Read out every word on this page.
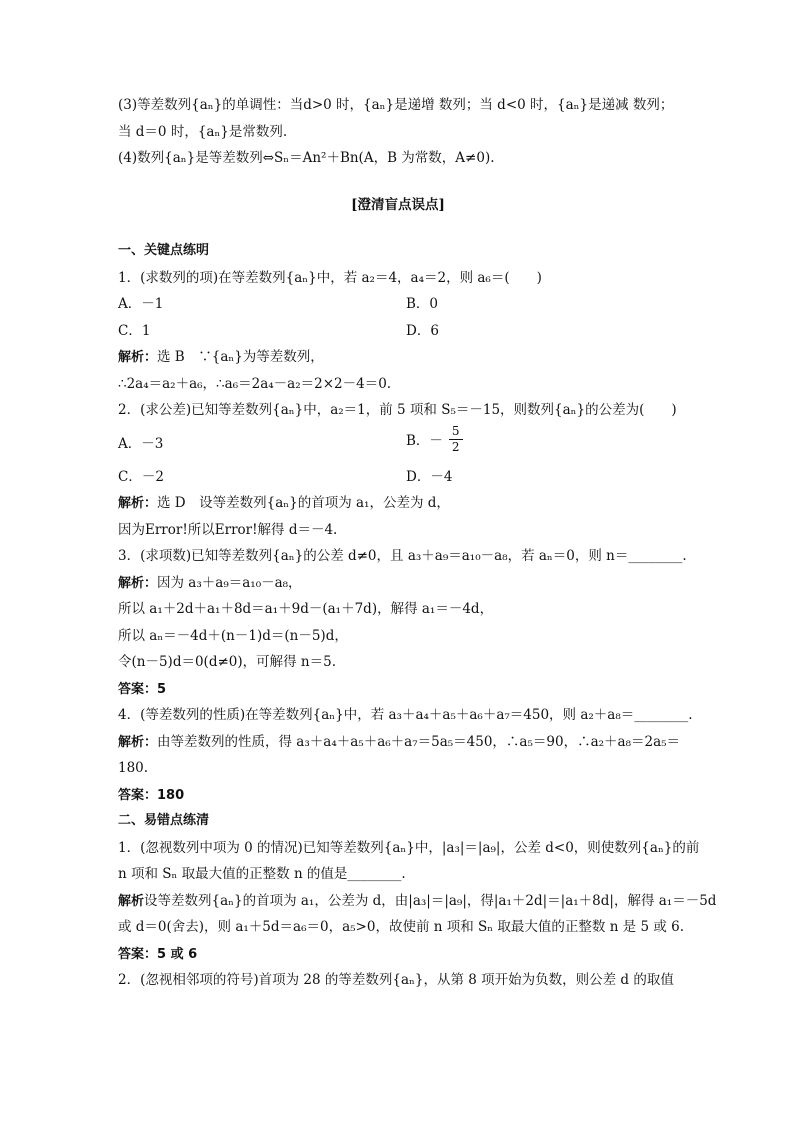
(3)等差数列{aₙ}的单调性：当d>0 时，{aₙ}是递增 数列；当 d<0 时，{aₙ}是递减 数列；
当 d＝0 时，{aₙ}是常数列.
(4)数列{aₙ}是等差数列⇔Sₙ＝An²＋Bn(A，B 为常数，A≠0).
[澄清盲点误点]
一、关键点练明
1．(求数列的项)在等差数列{aₙ}中，若 a₂＝4，a₄＝2，则 a₆＝(　　)
A．－1	B．0
C．1	D．6
解析：选 B　∵{aₙ}为等差数列，
∴2a₄＝a₂＋a₆，∴a₆＝2a₄－a₂＝2×2－4＝0.
2．(求公差)已知等差数列{aₙ}中，a₂＝1，前 5 项和 S₅＝－15，则数列{aₙ}的公差为(　　)
A．－3	B．－ $\frac{5}{2}$
C．－2	D．－4
解析：选 D　设等差数列{aₙ}的首项为 a₁，公差为 d，
因为Error!所以Error!解得 d＝－4.
3．(求项数)已知等差数列{aₙ}的公差 d≠0，且 a₃＋a₉＝a₁₀－a₈，若 aₙ＝0，则 n＝________.
解析：因为 a₃＋a₉＝a₁₀－a₈，
所以 a₁＋2d＋a₁＋8d＝a₁＋9d－(a₁＋7d)，解得 a₁＝－4d，
所以 aₙ＝－4d＋(n－1)d＝(n－5)d，
令(n－5)d＝0(d≠0)，可解得 n＝5.
答案：5
4．(等差数列的性质)在等差数列{aₙ}中，若 a₃＋a₄＋a₅＋a₆＋a₇＝450，则 a₂＋a₈＝________.
解析：由等差数列的性质，得 a₃＋a₄＋a₅＋a₆＋a₇＝5a₅＝450，∴a₅＝90，∴a₂＋a₈＝2a₅＝
180.
答案：180
二、易错点练清
1．(忽视数列中项为 0 的情况)已知等差数列{aₙ}中，|a₃|＝|a₉|，公差 d<0，则使数列{aₙ}的前
n 项和 Sₙ 取最大值的正整数 n 的值是________.
解析设等差数列{aₙ}的首项为 a₁，公差为 d，由|a₃|＝|a₉|，得|a₁＋2d|＝|a₁＋8d|，解得 a₁＝－5d
或 d＝0(舍去)，则 a₁＋5d＝a₆＝0，a₅>0，故使前 n 项和 Sₙ 取最大值的正整数 n 是 5 或 6.
答案：5 或 6
2．(忽视相邻项的符号)首项为 28 的等差数列{aₙ}，从第 8 项开始为负数，则公差 d 的取值
